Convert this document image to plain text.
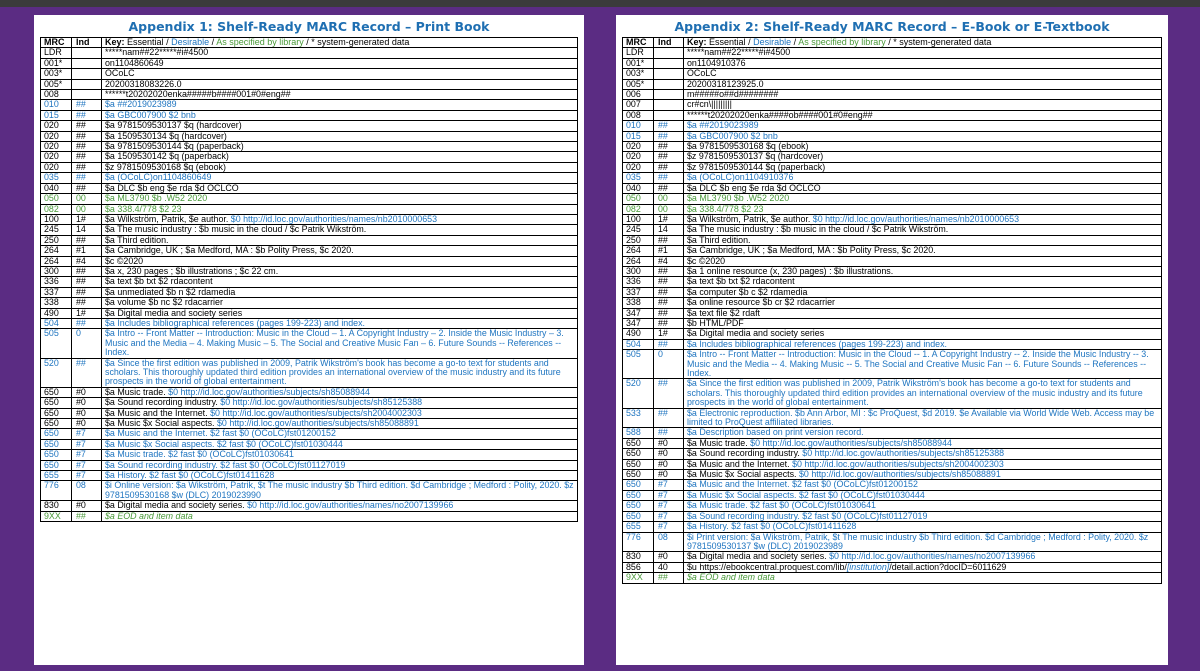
Appendix 1: Shelf-Ready MARC Record – Print Book
MRC	Ind	Key: Essential / Desirable / As specified by library / * system-generated data
LDR		*****nam##22*****#i#4500
001*		on1104860649
003*		OCoLC
005*		20200318083226.0
008		******t20202020enka#####b####001#0#eng##
010	##	$a ##2019023989
015	##	$a GBC007900 $2 bnb
020	##	$a 9781509530137 $q (hardcover)
020	##	$a 1509530134 $q (hardcover)
020	##	$a 9781509530144 $q (paperback)
020	##	$a 1509530142 $q (paperback)
020	##	$z 9781509530168 $q (ebook)
035	##	$a (OCoLC)on1104860649
040	##	$a DLC $b eng $e rda $d OCLCO
050	00	$a ML3790 $b .W52 2020
082	00	$a 338.4/778 $2 23
100	1#	$a Wilkström, Patrik, $e author. $0 http://id.loc.gov/authorities/names/nb2010000653
245	14	$a The music industry : $b music in the cloud / $c Patrik Wikström.
250	##	$a Third edition.
264	#1	$a Cambridge, UK ; $a Medford, MA : $b Polity Press, $c 2020.
264	#4	$c ©2020
300	##	$a x, 230 pages ; $b illustrations ; $c 22 cm.
336	##	$a text $b txt $2 rdacontent
337	##	$a unmediated $b n $2 rdamedia
338	##	$a volume $b nc $2 rdacarrier
490	1#	$a Digital media and society series
504	##	$a Includes bibliographical references (pages 199-223) and index.
505	0	$a Intro -- Front Matter -- Introduction: Music in the Cloud – 1. A Copyright Industry – 2. Inside the Music Industry – 3. Music and the Media – 4. Making Music – 5. The Social and Creative Music Fan – 6. Future Sounds -- References -- Index.
520	##	$a Since the first edition was published in 2009, Patrik Wikström's book has become a go-to text for students and scholars. This thoroughly updated third edition provides an international overview of the music industry and its future prospects in the world of global entertainment.
650	#0	$a Music trade. $0 http://id.loc.gov/authorities/subjects/sh85088944
650	#0	$a Sound recording industry. $0 http://id.loc.gov/authorities/subjects/sh85125388
650	#0	$a Music and the Internet. $0 http://id.loc.gov/authorities/subjects/sh2004002303
650	#0	$a Music $x Social aspects. $0 http://id.loc.gov/authorities/subjects/sh85088891
650	#7	$a Music and the Internet. $2 fast $0 (OCoLC)fst01200152
650	#7	$a Music $x Social aspects. $2 fast $0 (OCoLC)fst01030444
650	#7	$a Music trade. $2 fast $0 (OCoLC)fst01030641
650	#7	$a Sound recording industry. $2 fast $0 (OCoLC)fst01127019
655	#7	$a History. $2 fast $0 (OCoLC)fst01411628
776	08	$i Online version: $a Wikström, Patrik, $t The music industry $b Third edition. $d Cambridge ; Medford : Polity, 2020. $z 9781509530168 $w (DLC) 2019023990
830	#0	$a Digital media and society series. $0 http://id.loc.gov/authorities/names/no2007139966
9XX	##	$a EOD and item data
Appendix 2: Shelf-Ready MARC Record – E-Book or E-Textbook
MRC	Ind	Key: Essential / Desirable / As specified by library / * system-generated data
LDR		*****nam##22*****#i#4500
001*		on1104910376
003*		OCoLC
005*		20200318123925.0
006		m#####o##d########
007		cr#cn\|||||||||
008		******t20202020enka####ob####001#0#eng##
010	##	$a ##2019023989
015	##	$a GBC007900 $2 bnb
020	##	$a 9781509530168 $q (ebook)
020	##	$z 9781509530137 $q (hardcover)
020	##	$z 9781509530144 $q (paperback)
035	##	$a (OCoLC)on1104910376
040	##	$a DLC $b eng $e rda $d OCLCO
050	00	$a ML3790 $b .W52 2020
082	00	$a 338.4/778 $2 23
100	1#	$a Wilkström, Patrik, $e author. $0 http://id.loc.gov/authorities/names/nb2010000653
245	14	$a The music industry : $b music in the cloud / $c Patrik Wikström.
250	##	$a Third edition.
264	#1	$a Cambridge, UK ; $a Medford, MA : $b Polity Press, $c 2020.
264	#4	$c ©2020
300	##	$a 1 online resource (x, 230 pages) : $b illustrations.
336	##	$a text $b txt $2 rdacontent
337	##	$a computer $b c $2 rdamedia
338	##	$a online resource $b cr $2 rdacarrier
347	##	$a text file $2 rdaft
347	##	$b HTML/PDF
490	1#	$a Digital media and society series
504	##	$a Includes bibliographical references (pages 199-223) and index.
505	0	$a Intro -- Front Matter -- Introduction: Music in the Cloud -- 1. A Copyright Industry -- 2. Inside the Music Industry -- 3. Music and the Media -- 4. Making Music -- 5. The Social and Creative Music Fan -- 6. Future Sounds -- References -- Index.
520	##	$a Since the first edition was published in 2009, Patrik Wikström's book has become a go-to text for students and scholars. This thoroughly updated third edition provides an international overview of the music industry and its future prospects in the world of global entertainment.
533	##	$a Electronic reproduction. $b Ann Arbor, MI : $c ProQuest, $d 2019. $e Available via World Wide Web. Access may be limited to ProQuest affiliated libraries.
588	##	$a Description based on print version record.
650	#0	$a Music trade. $0 http://id.loc.gov/authorities/subjects/sh85088944
650	#0	$a Sound recording industry. $0 http://id.loc.gov/authorities/subjects/sh85125388
650	#0	$a Music and the Internet. $0 http://id.loc.gov/authorities/subjects/sh2004002303
650	#0	$a Music $x Social aspects. $0 http://id.loc.gov/authorities/subjects/sh85088891
650	#7	$a Music and the Internet. $2 fast $0 (OCoLC)fst01200152
650	#7	$a Music $x Social aspects. $2 fast $0 (OCoLC)fst01030444
650	#7	$a Music trade. $2 fast $0 (OCoLC)fst01030641
650	#7	$a Sound recording industry. $2 fast $0 (OCoLC)fst01127019
655	#7	$a History. $2 fast $0 (OCoLC)fst01411628
776	08	$i Print version: $a Wikström, Patrik, $t The music industry $b Third edition. $d Cambridge ; Medford : Polity, 2020. $z 9781509530137 $w (DLC) 2019023989
830	#0	$a Digital media and society series. $0 http://id.loc.gov/authorities/names/no2007139966
856	40	$u https://ebookcentral.proquest.com/lib/[institution]/detail.action?docID=6011629
9XX	##	$a EOD and item data
